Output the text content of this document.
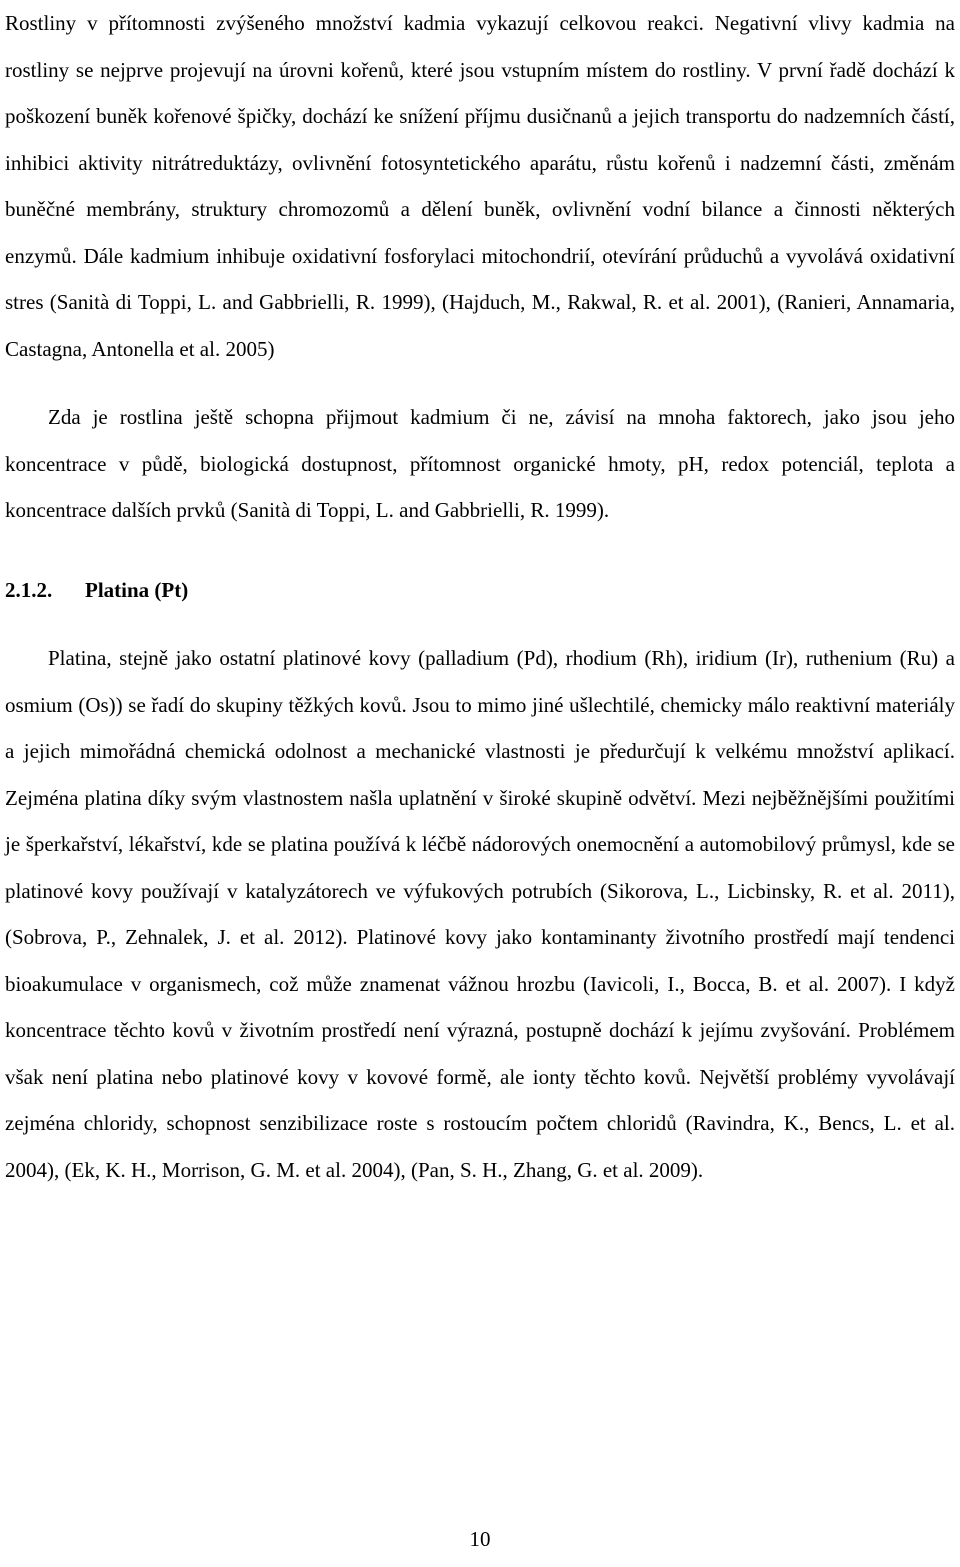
Rostliny v přítomnosti zvýšeného množství kadmia vykazují celkovou reakci. Negativní vlivy kadmia na rostliny se nejprve projevují na úrovni kořenů, které jsou vstupním místem do rostliny. V první řadě dochází k poškození buněk kořenové špičky, dochází ke snížení příjmu dusičnanů a jejich transportu do nadzemních částí, inhibici aktivity nitrátreduktázy, ovlivnění fotosyntetického aparátu, růstu kořenů i nadzemní části, změnám buněčné membrány, struktury chromozomů a dělení buněk, ovlivnění vodní bilance a činnosti některých enzymů. Dále kadmium inhibuje oxidativní fosforylaci mitochondrií, otevírání průduchů a vyvolává oxidativní stres (Sanità di Toppi, L. and Gabbrielli, R. 1999), (Hajduch, M., Rakwal, R. et al. 2001), (Ranieri, Annamaria, Castagna, Antonella et al. 2005)

Zda je rostlina ještě schopna přijmout kadmium či ne, závisí na mnoha faktorech, jako jsou jeho koncentrace v půdě, biologická dostupnost, přítomnost organické hmoty, pH, redox potenciál, teplota a koncentrace dalších prvků (Sanità di Toppi, L. and Gabbrielli, R. 1999).

2.1.2. Platina (Pt)

Platina, stejně jako ostatní platinové kovy (palladium (Pd), rhodium (Rh), iridium (Ir), ruthenium (Ru) a osmium (Os)) se řadí do skupiny těžkých kovů. Jsou to mimo jiné ušlechtilé, chemicky málo reaktivní materiály a jejich mimořádná chemická odolnost a mechanické vlastnosti je předurčují k velkému množství aplikací. Zejména platina díky svým vlastnostem našla uplatnění v široké skupině odvětví. Mezi nejběžnějšími použitími je šperkařství, lékařství, kde se platina používá k léčbě nádorových onemocnění a automobilový průmysl, kde se platinové kovy používají v katalyzátorech ve výfukových potrubích (Sikorova, L., Licbinsky, R. et al. 2011), (Sobrova, P., Zehnalek, J. et al. 2012). Platinové kovy jako kontaminanty životního prostředí mají tendenci bioakumulace v organismech, což může znamenat vážnou hrozbu (Iavicoli, I., Bocca, B. et al. 2007). I když koncentrace těchto kovů v životním prostředí není výrazná, postupně dochází k jejímu zvyšování. Problémem však není platina nebo platinové kovy v kovové formě, ale ionty těchto kovů. Největší problémy vyvolávají zejména chloridy, schopnost senzibilizace roste s rostoucím počtem chloridů (Ravindra, K., Bencs, L. et al. 2004), (Ek, K. H., Morrison, G. M. et al. 2004), (Pan, S. H., Zhang, G. et al. 2009).

10
